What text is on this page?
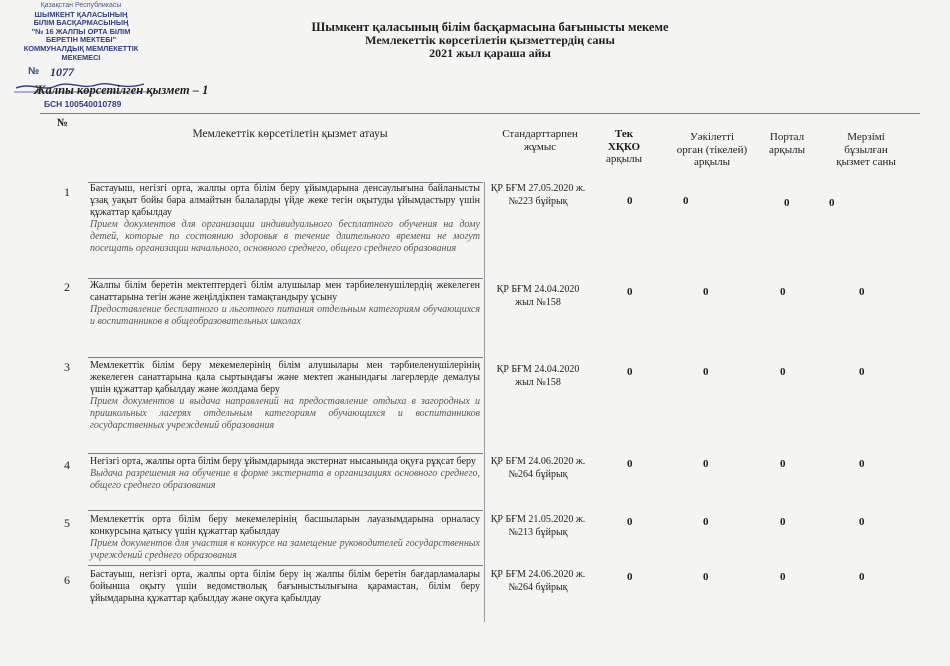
Қазақстан Республикасы
ШЫМКЕНТ ҚАЛАСЫНЫҢ
БІЛІМ БАСҚАРМАСЫНЫҢ
"№ 16 ЖАЛПЫ ОРТА БІЛІМ
БЕРЕТІН МЕКТЕБІ"
КОММУНАЛДЫҚ МЕМЛЕКЕТТІК
МЕКЕМЕСІ
№ 1077
БСН 100540010789
Шымкент қаласының білім басқармасына бағынысты мекеме
Мемлекеттік көрсетілетін қызметтердің саны
2021 жыл қараша айы
Жалпы көрсетілген қызмет – 1
№
Мемлекеттік көрсетілетін қызмет атауы	Стандарттарпен жұмыс
Тек ХҚКО
арқылы
Уәкілетті орган (тікелей) арқылы
Портал арқылы
Мерзімі бұзылған қызмет саны
1 Бастауыш, негізгі орта, жалпы орта білім беру ұйымдарына денсаулығына байланысты ұзақ уақыт бойы бара алмайтын балаларды үйде жеке тегін оқытуды ұйымдастыру үшін құжаттар қабылдау
Прием документов для организации индивидуального бесплатного обучения на дому детей, которые по состоянию здоровья в течение длительного времени не могут посещать организации начального, основного среднего, общего среднего образования
ҚР БҒМ 27.05.2020 ж. №223 бұйрық	0	0	0	0
2 Жалпы білім беретін мектептердегі білім алушылар мен тәрбиеленушілердің жекелеген санаттарына тегін және жеңілдікпен тамақтандыру ұсыну
Предоставление бесплатного и льготного питания отдельным категориям обучающихся и воспитанников в общеобразовательных школах
ҚР БҒМ 24.04.2020 жыл №158
0	0	0	0
3 Мемлекеттік білім беру мекемелерінің білім алушылары мен тәрбиеленушілерінің жекелеген санаттарына қала сыртындағы және мектеп жанындағы лагерлерде демалуы үшін құжаттар қабылдау және жолдама беру
Прием документов и выдача направлений на предоставление отдыха в загородных и пришкольных лагерях отдельным категориям обучающихся и воспитанников государственных учреждений образования
ҚР БҒМ 24.04.2020 жыл №158
0	0	0	0
4 Негізгі орта, жалпы орта білім беру ұйымдарында экстернат нысанында оқуға рұқсат беру
Выдача разрешения на обучение в форме экстерната в организациях основного среднего, общего среднего образования
ҚР БҒМ 24.06.2020 ж. №264 бұйрық
0	0	0	0
5 Мемлекеттік орта білім беру мекемелерінің басшыларын лауазымдарына орналасу конкурсына қатысу үшін құжаттар қабылдау
Прием документов для участия в конкурсе на замещение руководителей государственных учреждений среднего образования
ҚР БҒМ 21.05.2020 ж. №213 бұйрық
0	0	0	0
6 Бастауыш, негізгі орта, жалпы орта білім беру ің жалпы білім беретін бағдарламалары бойынша оқыту үшін ведомстволық бағыныстылығына қарамастан, білім беру ұйымдарына құжаттар қабылдау және оқуға қабылдау
ҚР БҒМ 24.06.2020 ж. №264 бұйрық
0	0	0	0
